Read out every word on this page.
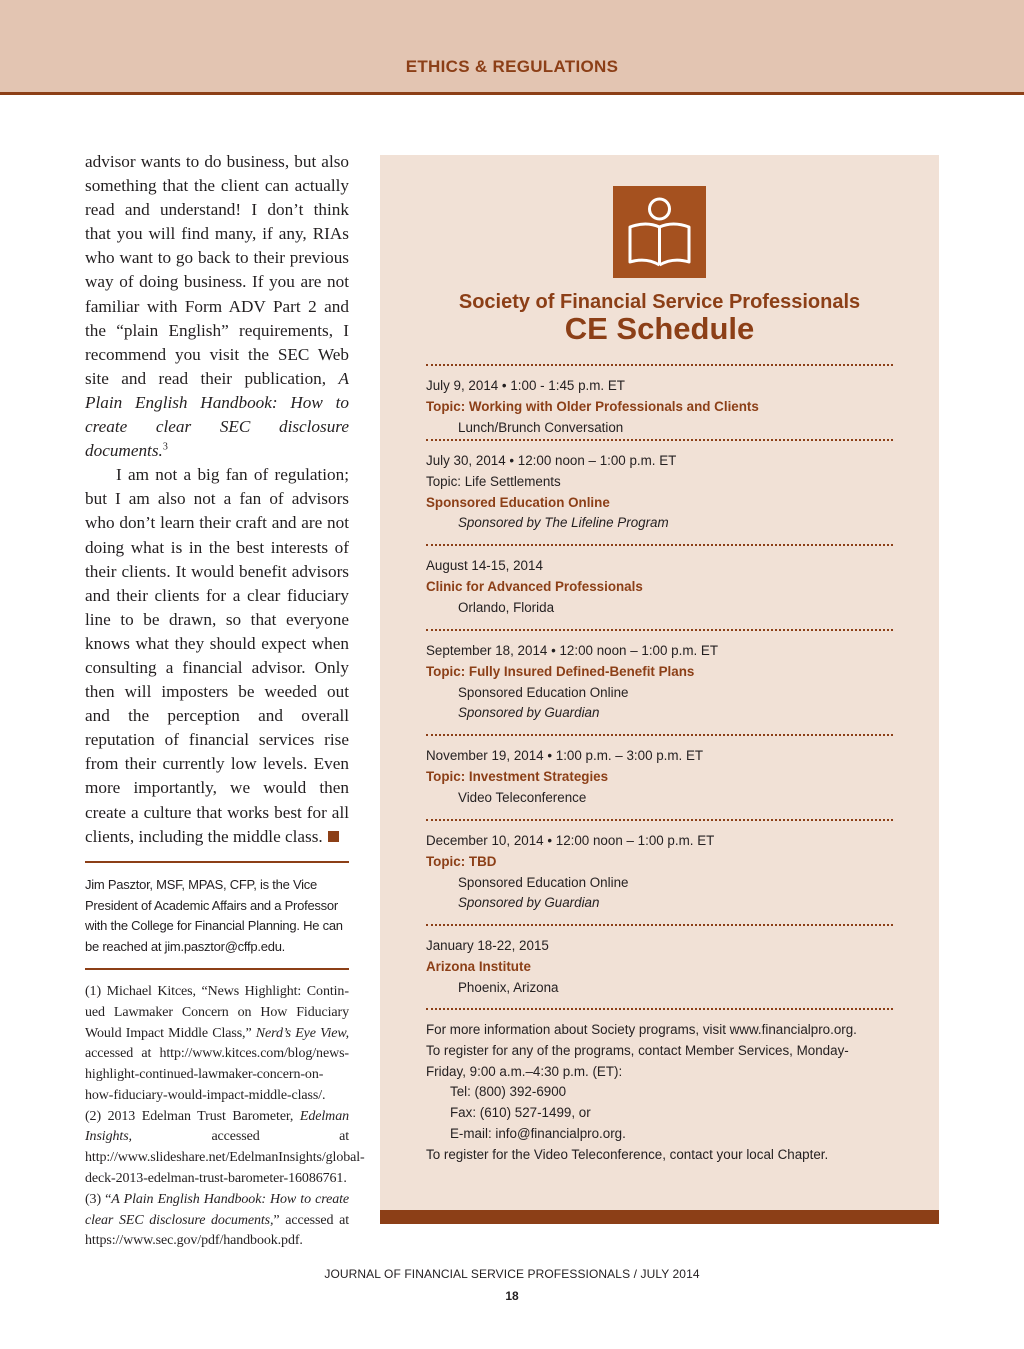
ETHICS & REGULATIONS

advisor wants to do business, but also something that the client can actually read and understand! I don’t think that you will find many, if any, RIAs who want to go back to their previous way of doing business. If you are not familiar with Form ADV Part 2 and the “plain English” requirements, I recommend you visit the SEC Web site and read their publication, A Plain English Handbook: How to create clear SEC disclosure documents.$^3$

I am not a big fan of regulation; but I am also not a fan of advisors who don’t learn their craft and are not doing what is in the best interests of their clients. It would benefit advisors and their clients for a clear fiduciary line to be drawn, so that everyone knows what they should expect when consulting a financial advisor. Only then will imposters be weeded out and the perception and overall reputation of financial services rise from their currently low levels. Even more importantly, we would then create a culture that works best for all clients, including the middle class.

Jim Pasztor, MSF, MPAS, CFP, is the Vice President of Academic Affairs and a Professor with the College for Financial Planning. He can be reached at jim.pasztor@cffp.edu.

(1) Michael Kitces, “News Highlight: Continued Lawmaker Concern on How Fiduciary Would Impact Middle Class,” Nerd’s Eye View, accessed at http://www.kitces.com/blog/news-highlight-continued-lawmaker-concern-on-how-fiduciary-would-impact-middle-class/.

(2) 2013 Edelman Trust Barometer, Edelman Insights, accessed at http://www.slideshare.net/EdelmanInsights/global-deck-2013-edelman-trust-barometer-16086761.

(3) “A Plain English Handbook: How to create clear SEC disclosure documents,” accessed at https://www.sec.gov/pdf/handbook.pdf.

Society of Financial Service Professionals
CE Schedule
July 9, 2014 • 1:00 - 1:45 p.m. ET
Topic: Working with Older Professionals and Clients
Lunch/Brunch Conversation
July 30, 2014 • 12:00 noon – 1:00 p.m. ET
Topic: Life Settlements
Sponsored Education Online
Sponsored by The Lifeline Program
August 14-15, 2014
Clinic for Advanced Professionals
Orlando, Florida
September 18, 2014 • 12:00 noon – 1:00 p.m. ET
Topic: Fully Insured Defined-Benefit Plans
Sponsored Education Online
Sponsored by Guardian
November 19, 2014 • 1:00 p.m. – 3:00 p.m. ET
Topic: Investment Strategies
Video Teleconference
December 10, 2014 • 12:00 noon – 1:00 p.m. ET
Topic: TBD
Sponsored Education Online
Sponsored by Guardian
January 18-22, 2015
Arizona Institute
Phoenix, Arizona
For more information about Society programs, visit www.financialpro.org.
To register for any of the programs, contact Member Services, Monday-
Friday, 9:00 a.m.–4:30 p.m. (ET):
Tel: (800) 392-6900
Fax: (610) 527-1499, or
E-mail: info@financialpro.org.
To register for the Video Teleconference, contact your local Chapter.
JOURNAL OF FINANCIAL SERVICE PROFESSIONALS / JULY 2014
18
